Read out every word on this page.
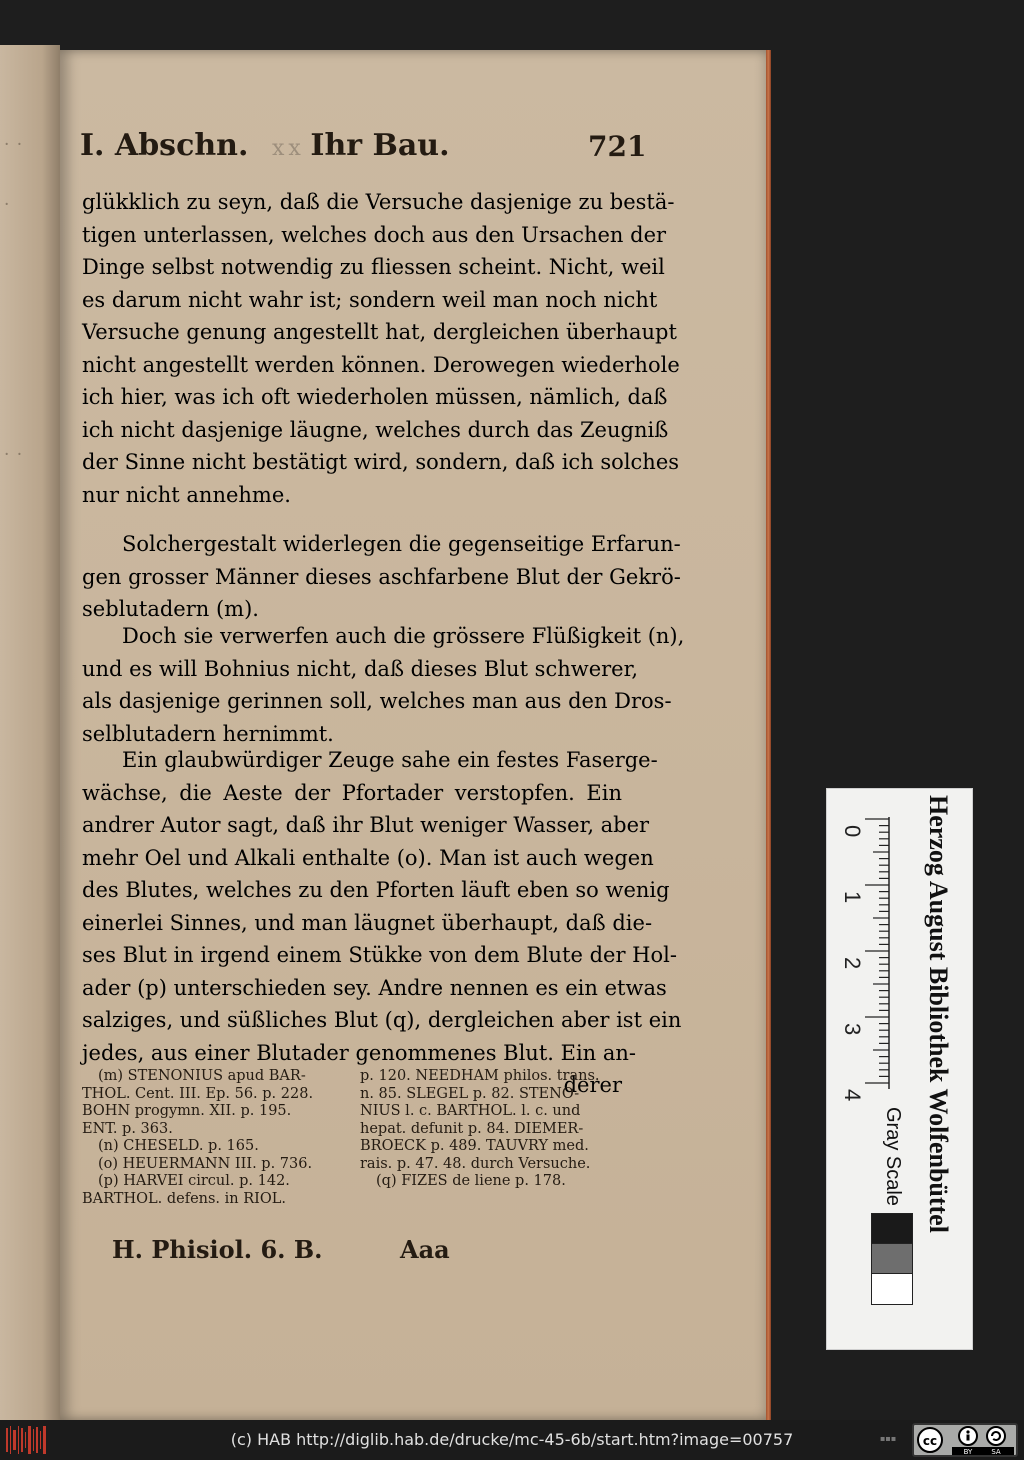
· ·
·
· ·
I. Abschn. xx Ihr Bau.	721
glükklich zu seyn, daß die Versuche dasjenige zu bestä-
tigen unterlassen, welches doch aus den Ursachen der
Dinge selbst notwendig zu fliessen scheint. Nicht, weil
es darum nicht wahr ist; sondern weil man noch nicht
Versuche genung angestellt hat, dergleichen überhaupt
nicht angestellt werden können. Derowegen wiederhole
ich hier, was ich oft wiederholen müssen, nämlich, daß
ich nicht dasjenige läugne, welches durch das Zeugniß
der Sinne nicht bestätigt wird, sondern, daß ich solches
nur nicht annehme.
Solchergestalt widerlegen die gegenseitige Erfarun-
gen grosser Männer dieses aschfarbene Blut der Gekrö-
seblutadern (m).
Doch sie verwerfen auch die grössere Flüßigkeit (n),
und es will Bohnius nicht, daß dieses Blut schwerer,
als dasjenige gerinnen soll, welches man aus den Dros-
selblutadern hernimmt.
Ein glaubwürdiger Zeuge sahe ein festes Faserge-
wächse, die Aeste der Pfortader verstopfen. Ein
andrer Autor sagt, daß ihr Blut weniger Wasser, aber
mehr Oel und Alkali enthalte (o). Man ist auch wegen
des Blutes, welches zu den Pforten läuft eben so wenig
einerlei Sinnes, und man läugnet überhaupt, daß die-
ses Blut in irgend einem Stükke von dem Blute der Hol-
ader (p) unterschieden sey. Andre nennen es ein etwas
salziges, und süßliches Blut (q), dergleichen aber ist ein
jedes, aus einer Blutader genommenes Blut. Ein an-
derer
(m) STENONIUS apud BAR-
THOL. Cent. III. Ep. 56. p. 228.
BOHN progymn. XII. p. 195.
ENT. p. 363.
(n) CHESELD. p. 165.
(o) HEUERMANN III. p. 736.
(p) HARVEI circul. p. 142.
BARTHOL. defens. in RIOL.
p. 120. NEEDHAM philos. trans.
n. 85. SLEGEL p. 82. STENO-
NIUS l. c. BARTHOL. l. c. und
hepat. defunit p. 84. DIEMER-
BROECK p. 489. TAUVRY med.
rais. p. 47. 48. durch Versuche.
(q) FIZES de liene p. 178.
H. Phisiol. 6. B.	Aaa
0
1
2
3
4 Herzog August Bibliothek Wolfenbüttel
Gray Scale
(c) HAB http://diglib.hab.de/drucke/mc-45-6b/start.htm?image=00757	▪▪▪ cc
BY	SA
